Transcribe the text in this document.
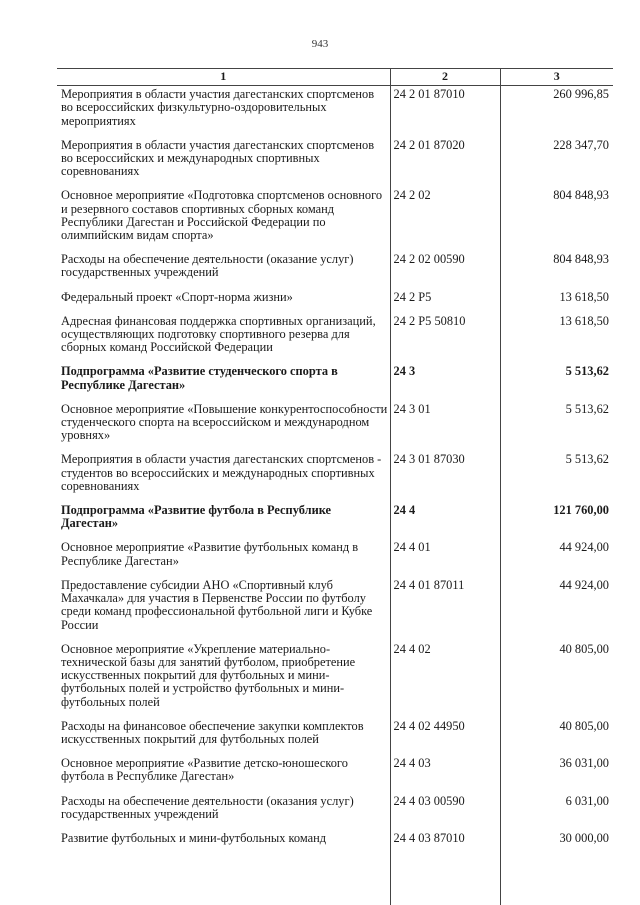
943
1	2	3
Мероприятия в области участия дагестанских спортсменов во всероссийских физкультурно-оздоровительных мероприятиях	24 2 01 87010	260 996,85
Мероприятия в области участия дагестанских спортсменов во всероссийских и международных спортивных соревнованиях	24 2 01 87020	228 347,70
Основное мероприятие «Подготовка спортсменов основного и резервного составов спортивных сборных команд Республики Дагестан и Российской Федерации по олимпийским видам спорта»	24 2 02	804 848,93
Расходы на обеспечение деятельности (оказание услуг) государственных учреждений	24 2 02 00590	804 848,93
Федеральный проект «Спорт-норма жизни»	24 2 P5	13 618,50
Адресная финансовая поддержка спортивных организаций, осуществляющих подготовку спортивного резерва для сборных команд Российской Федерации	24 2 P5 50810	13 618,50
Подпрограмма «Развитие студенческого спорта в Республике Дагестан»	24 3	5 513,62
Основное мероприятие «Повышение конкурентоспособности студенческого спорта на всероссийском и международном уровнях»	24 3 01	5 513,62
Мероприятия в области участия дагестанских спортсменов - студентов во всероссийских и международных спортивных соревнованиях	24 3 01 87030	5 513,62
Подпрограмма «Развитие футбола в Республике Дагестан»	24 4	121 760,00
Основное мероприятие «Развитие футбольных команд в Республике Дагестан»	24 4 01	44 924,00
Предоставление субсидии АНО «Спортивный клуб Махачкала» для участия в Первенстве России по футболу среди команд профессиональной футбольной лиги и Кубке России	24 4 01 87011	44 924,00
Основное мероприятие «Укрепление материально-технической базы для занятий футболом, приобретение искусственных покрытий для футбольных и мини-футбольных полей и устройство футбольных и мини-футбольных полей	24 4 02	40 805,00
Расходы на финансовое обеспечение закупки комплектов искусственных покрытий для футбольных полей	24 4 02 44950	40 805,00
Основное мероприятие «Развитие детско-юношеского футбола в Республике Дагестан»	24 4 03	36 031,00
Расходы на обеспечение деятельности (оказания услуг) государственных учреждений	24 4 03 00590	6 031,00
Развитие футбольных и мини-футбольных команд	24 4 03 87010	30 000,00
